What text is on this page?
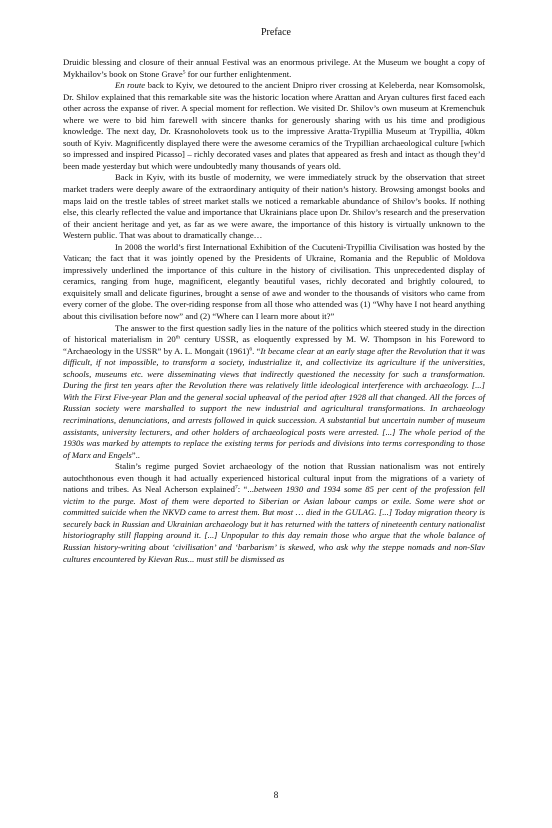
Preface

Druidic blessing and closure of their annual Festival was an enormous privilege. At the Museum we bought a copy of Mykhailov’s book on Stone Grave$^5$ for our further enlightenment.

En route back to Kyiv, we detoured to the ancient Dnipro river crossing at Keleberda, near Komsomolsk, Dr. Shilov explained that this remarkable site was the historic location where Arattan and Aryan cultures first faced each other across the expanse of river. A special moment for reflection. We visited Dr. Shilov’s own museum at Kremenchuk where we were to bid him farewell with sincere thanks for generously sharing with us his time and prodigious knowledge. The next day, Dr. Krasnoholovets took us to the impressive Aratta-Trypillia Museum at Trypillia, 40km south of Kyiv. Magnificently displayed there were the awesome ceramics of the Trypillian archaeological culture [which so impressed and inspired Picasso] – richly decorated vases and plates that appeared as fresh and intact as though they’d been made yesterday but which were undoubtedly many thousands of years old.

Back in Kyiv, with its bustle of modernity, we were immediately struck by the observation that street market traders were deeply aware of the extraordinary antiquity of their nation’s history. Browsing amongst books and maps laid on the trestle tables of street market stalls we noticed a remarkable abundance of Shilov’s books. If nothing else, this clearly reflected the value and importance that Ukrainians place upon Dr. Shilov’s research and the preservation of their ancient heritage and yet, as far as we were aware, the importance of this history is virtually unknown to the Western public. That was about to dramatically change…

In 2008 the world’s first International Exhibition of the Cucuteni-Trypillia Civilisation was hosted by the Vatican; the fact that it was jointly opened by the Presidents of Ukraine, Romania and the Republic of Moldova impressively underlined the importance of this culture in the history of civilisation. This unprecedented display of ceramics, ranging from huge, magnificent, elegantly beautiful vases, richly decorated and brightly coloured, to exquisitely small and delicate figurines, brought a sense of awe and wonder to the thousands of visitors who came from every corner of the globe. The over-riding response from all those who attended was (1) “Why have I not heard anything about this civilisation before now” and (2) “Where can I learn more about it?”

The answer to the first question sadly lies in the nature of the politics which steered study in the direction of historical materialism in 20th century USSR, as eloquently expressed by M. W. Thompson in his Foreword to “Archaeology in the USSR” by A. L. Mongait $(1961)^6$. “It became clear at an early stage after the Revolution that it was difficult, if not impossible, to transform a society, industrialize it, and collectivize its agriculture if the universities, schools, museums etc. were disseminating views that indirectly questioned the necessity for such a transformation. During the first ten years after the Revolution there was relatively little ideological interference with archaeology. [...] With the First Five-year Plan and the general social upheaval of the period after 1928 all that changed. All the forces of Russian society were marshalled to support the new industrial and agricultural transformations. In archaeology recriminations, denunciations, and arrests followed in quick succession. A substantial but uncertain number of museum assistants, university lecturers, and other holders of archaeological posts were arrested. [...] The whole period of the 1930s was marked by attempts to replace the existing terms for periods and divisions into terms corresponding to those of Marx and Engels”..

Stalin’s regime purged Soviet archaeology of the notion that Russian nationalism was not entirely autochthonous even though it had actually experienced historical cultural input from the migrations of a variety of nations and tribes. As Neal Acherson explained$^7$: “...between 1930 and 1934 some 85 per cent of the profession fell victim to the purge. Most of them were deported to Siberian or Asian labour camps or exile. Some were shot or committed suicide when the NKVD came to arrest them. But most … died in the GULAG. [...] Today migration theory is securely back in Russian and Ukrainian archaeology but it has returned with the tatters of nineteenth century nationalist historiography still flapping around it. [...] Unpopular to this day remain those who argue that the whole balance of Russian history-writing about ‘civilisation’ and ‘barbarism’ is skewed, who ask why the steppe nomads and non-Slav cultures encountered by Kievan Rus... must still be dismissed as

8
